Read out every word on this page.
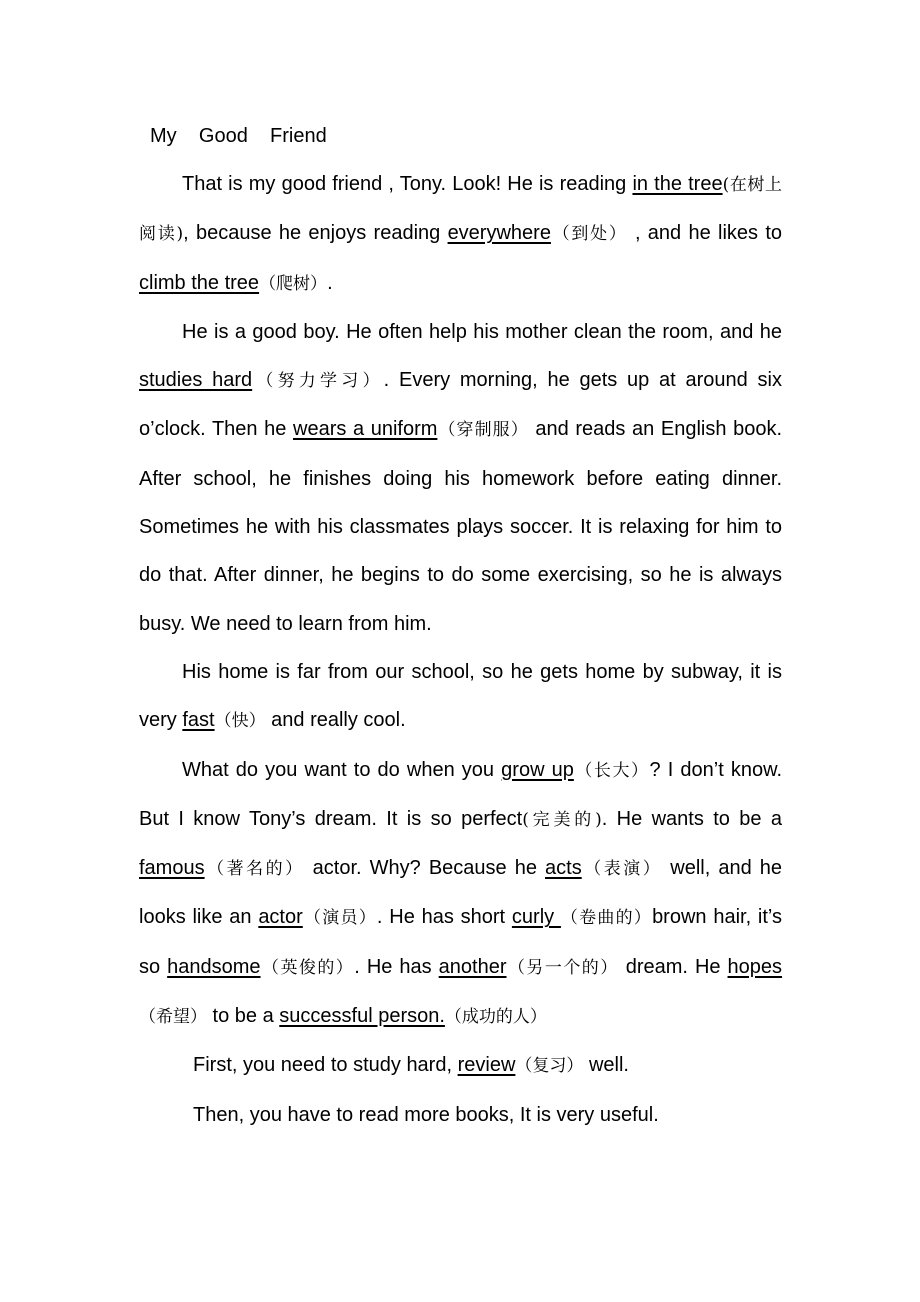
My    Good    Friend

That is my good friend , Tony. Look! He is reading in the tree(在树上阅读), because he enjoys reading everywhere（到处） , and he likes to climb the tree（爬树）.

He is a good boy. He often help his mother clean the room, and he studies hard（努力学习）. Every morning, he gets up at around six o’clock. Then he wears a uniform（穿制服） and reads an English book. After school, he finishes doing his homework before eating dinner. Sometimes he with his classmates plays soccer. It is relaxing for him to do that. After dinner, he begins to do some exercising, so he is always busy. We need to learn from him.

His home is far from our school, so he gets home by subway, it is very fast（快） and really cool.

What do you want to do when you grow up（长大）? I don’t know. But I know Tony’s dream. It is so perfect(完美的). He wants to be a famous（著名的） actor. Why? Because he acts（表演） well, and he looks like an actor（演员）. He has short curly （卷曲的）brown hair, it’s so handsome（英俊的）. He has another（另一个的） dream. He hopes（希望） to be a successful person.（成功的人）

First, you need to study hard, review（复习） well.

Then, you have to read more books, It is very useful.
